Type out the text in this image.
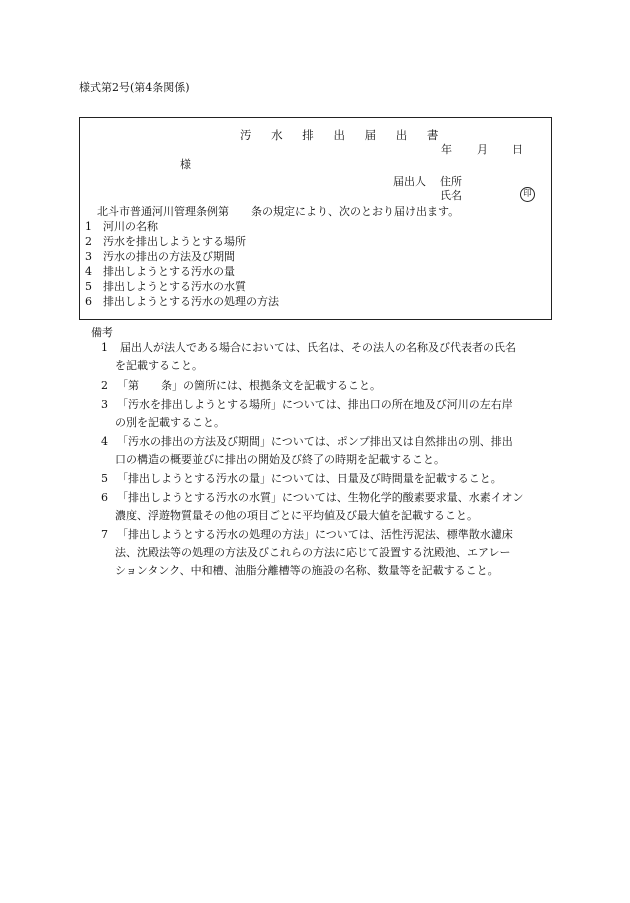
様式第2号(第4条関係)
汚 水 排 出 届 出 書
年 月 日
様
届出人 住所
氏名	印
北斗市普通河川管理条例第　　条の規定により、次のとおり届け出ます。
1　河川の名称
2　汚水を排出しようとする場所
3　汚水の排出の方法及び期間
4　排出しようとする汚水の量
5　排出しようとする汚水の水質
6　排出しようとする汚水の処理の方法
備考
1 届出人が法人である場合においては、氏名は、その法人の名称及び代表者の氏名
を記載すること。
2 「第　　条」の箇所には、根拠条文を記載すること。
3 「汚水を排出しようとする場所」については、排出口の所在地及び河川の左右岸
の別を記載すること。
4 「汚水の排出の方法及び期間」については、ポンプ排出又は自然排出の別、排出
口の構造の概要並びに排出の開始及び終了の時期を記載すること。
5 「排出しようとする汚水の量」については、日量及び時間量を記載すること。
6 「排出しようとする汚水の水質」については、生物化学的酸素要求量、水素イオン
濃度、浮遊物質量その他の項目ごとに平均値及び最大値を記載すること。
7 「排出しようとする汚水の処理の方法」については、活性汚泥法、標準散水濾床
法、沈殿法等の処理の方法及びこれらの方法に応じて設置する沈殿池、エアレー
ションタンク、中和槽、油脂分離槽等の施設の名称、数量等を記載すること。
